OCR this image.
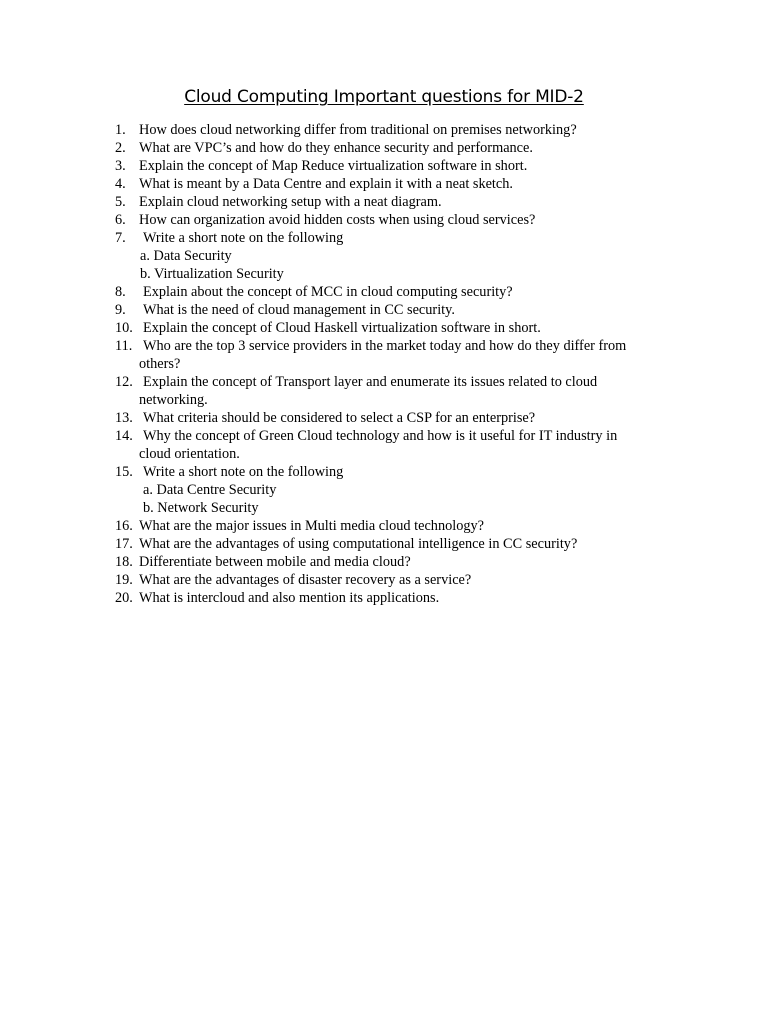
Cloud Computing Important questions for MID-2
1. How does cloud networking differ from traditional on premises networking?
2. What are VPC’s and how do they enhance security and performance.
3. Explain the concept of Map Reduce virtualization software in short.
4. What is meant by a Data Centre and explain it with a neat sketch.
5. Explain cloud networking setup with a neat diagram.
6. How can organization avoid hidden costs when using cloud services?
7. Write a short note on the following
a. Data Security
b. Virtualization Security
8. Explain about the concept of MCC in cloud computing security?
9. What is the need of cloud management in CC security.
10. Explain the concept of Cloud Haskell virtualization software in short.
11. Who are the top 3 service providers in the market today and how do they differ from
others?
12. Explain the concept of Transport layer and enumerate its issues related to cloud
networking.
13. What criteria should be considered to select a CSP for an enterprise?
14. Why the concept of Green Cloud technology and how is it useful for IT industry in
cloud orientation.
15. Write a short note on the following
a. Data Centre Security
b. Network Security
16. What are the major issues in Multi media cloud technology?
17. What are the advantages of using computational intelligence in CC security?
18. Differentiate between mobile and media cloud?
19. What are the advantages of disaster recovery as a service?
20. What is intercloud and also mention its applications.
